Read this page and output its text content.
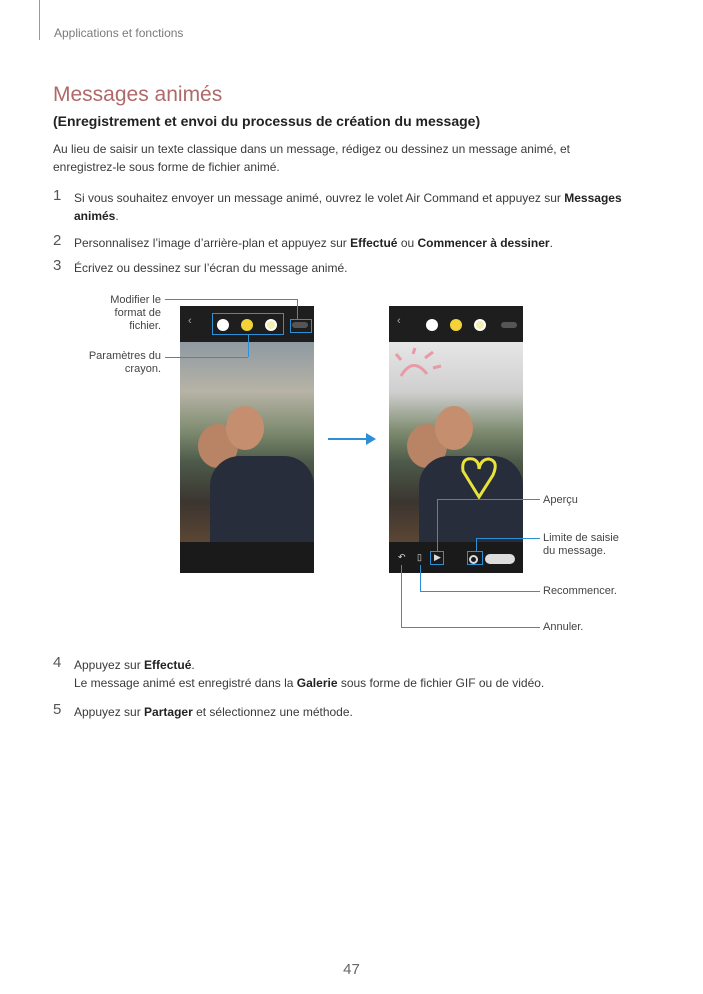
Applications et fonctions
Messages animés
(Enregistrement et envoi du processus de création du message)
Au lieu de saisir un texte classique dans un message, rédigez ou dessinez un message animé, et enregistrez-le sous forme de fichier animé.
1 Si vous souhaitez envoyer un message animé, ouvrez le volet Air Command et appuyez sur Messages animés.
2 Personnalisez l’image d’arrière-plan et appuyez sur Effectué ou Commencer à dessiner.
3 Écrivez ou dessinez sur l’écran du message animé.
‹	‹
↶ ▯ ▶
Modifier le format de fichier.
Paramètres du crayon.
Aperçu
Limite de saisie du message.
Recommencer.
Annuler.
4 Appuyez sur Effectué.
Le message animé est enregistré dans la Galerie sous forme de fichier GIF ou de vidéo.
5 Appuyez sur Partager et sélectionnez une méthode.
47
